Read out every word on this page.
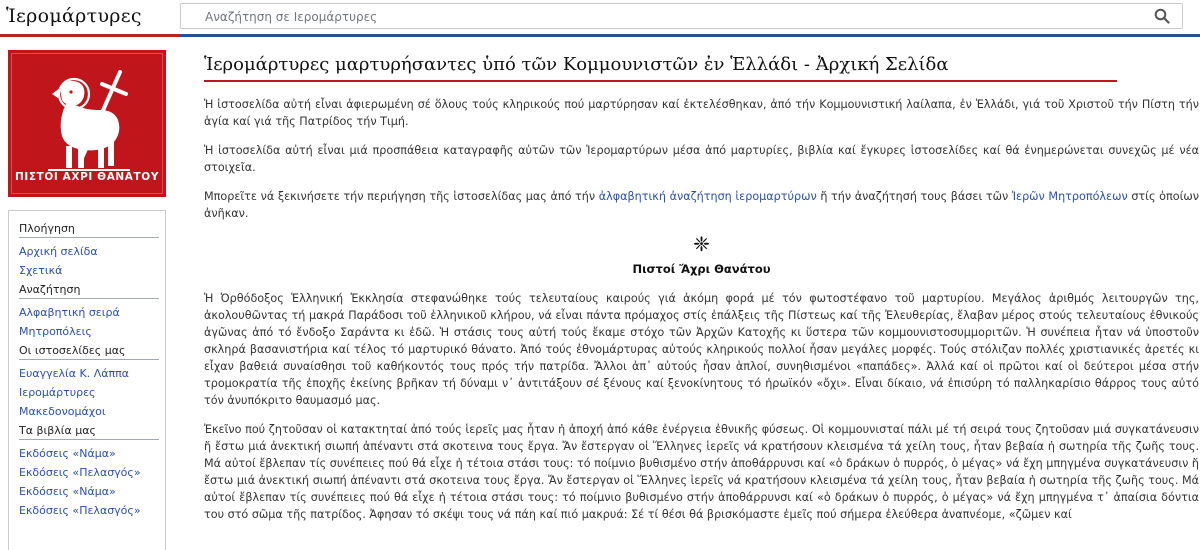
Ἱερομάρτυρες
Αναζήτηση σε Ιερομάρτυρες
ΠΙΣΤΟΙ ΑΧΡΙ ΘΑΝΑΤΟΥ
Πλοήγηση
Αρχική σελίδα
Σχετικά
Αναζήτηση
Αλφαβητική σειρά
Μητροπόλεις
Οι ιστοσελίδες μας
Ευαγγελία Κ. Λάππα
Ιερομάρτυρες
Μακεδονομάχοι
Τα βιβλία μας
Εκδόσεις «Νάμα»
Εκδόσεις «Πελασγός»
Εκδόσεις «Νάμα»
Εκδόσεις «Πελασγός»
Ἱερομάρτυρες μαρτυρήσαντες ὑπό τῶν Κομμουνιστῶν ἐν Ἑλλάδι - Ἀρχική Σελίδα

Ἡ ἱστοσελίδα αὐτή εἶναι ἀφιερωμένη σέ ὅλους τούς κληρικούς πού μαρτύρησαν καί ἐκτελέσθηκαν, ἀπό τήν Κομμουνιστική λαίλαπα, ἐν Ἑλλάδι, γιά τοῦ Χριστοῦ τήν Πίστη τήν ἁγία καί γιά τῆς Πατρίδος τήν Τιμή.

Ἡ ἱστοσελίδα αὐτή εἶναι μιά προσπάθεια καταγραφῆς αὐτῶν τῶν Ἱερομαρτύρων μέσα ἀπό μαρτυρίες, βιβλία καί ἔγκυρες ἱστοσελίδες καί θά ἐνημερώνεται συνεχῶς μέ νέα στοιχεῖα.

Μπορεῖτε νά ξεκινήσετε τήν περιήγηση τῆς ἱστοσελίδας μας ἀπό τήν ἀλφαβητική ἀναζήτηση ἱερομαρτύρων ἤ τήν ἀναζήτησή τους βάσει τῶν Ἱερῶν Μητροπόλεων στίς ὁποίων ἀνῆκαν.

❈
Πιστοί Ἄχρι Θανάτου

Ἡ Ὀρθόδοξος Ἑλληνική Ἐκκλησία στεφανώθηκε τούς τελευταίους καιρούς γιά ἀκόμη φορά μέ τόν φωτοστέφανο τοῦ μαρτυρίου. Μεγάλος ἀριθμός λειτουργῶν της, ἀκολουθῶντας τή μακρά Παράδοσι τοῦ ἑλληνικοῦ κλήρου, νά εἶναι πάντα πρόμαχος στίς ἐπάλξεις τῆς Πίστεως καί τῆς Ἐλευθερίας, ἔλαβαν μέρος στούς τελευταίους ἐθνικούς ἀγῶνας ἀπό τό ἔνδοξο Σαράντα κι ἐδῶ. Ἡ στάσις τους αὐτή τούς ἔκαμε στόχο τῶν Ἀρχῶν Κατοχῆς κι ὕστερα τῶν κομμουνιστοσυμμοριτῶν. Ἡ συνέπεια ἦταν νά ὑποστοῦν σκληρά βασανιστήρια καί τέλος τό μαρτυρικό θάνατο. Ἀπό τούς ἐθνομάρτυρας αὐτούς κληρικούς πολλοί ἦσαν μεγάλες μορφές. Τούς στόλιζαν πολλές χριστιανικές ἀρετές κι εἶχαν βαθειά συναίσθησι τοῦ καθήκοντός τους πρός τήν πατρίδα. Ἄλλοι ἀπ᾽ αὐτούς ἦσαν ἁπλοί, συνηθισμένοι «παπάδες». Ἀλλά καί οἱ πρῶτοι καί οἱ δεύτεροι μέσα στήν τρομοκρατία τῆς ἐποχῆς ἐκείνης βρῆκαν τή δύναμι ν᾽ ἀντιτάξουν σέ ξένους καί ξενοκίνητους τό ἡρωϊκόν «ὄχι». Εἶναι δίκαιο, νά ἐπισύρη τό παλληκαρίσιο θάρρος τους αὐτό τόν ἀνυπόκριτο θαυμασμό μας.

Ἐκεῖνο πού ζητοῦσαν οἱ κατακτηταί ἀπό τούς ἱερεῖς μας ἦταν ἡ ἀποχή ἀπό κάθε ἐνέργεια ἐθνικῆς φύσεως. Οἱ κομμουνισταί πάλι μέ τή σειρά τους ζητοῦσαν μιά συγκατάνευσιν ἤ ἔστω μιά ἀνεκτική σιωπή ἀπέναντι στά σκοτεινα τους ἔργα. Ἄν ἔστεργαν οἱ Ἕλληνες ἱερεῖς νά κρατήσουν κλεισμένα τά χείλη τους, ἦταν βεβαία ἡ σωτηρία τῆς ζωῆς τους. Μά αὐτοί ἔβλεπαν τίς συνέπειες πού θά εἶχε ἡ τέτοια στάσι τους: τό ποίμνιο βυθισμένο στήν ἀποθάρρυνσι καί «ὁ δράκων ὁ πυρρός, ὁ μέγας» νά ἔχη μπηγμένα συγκατάνευσιν ἤ ἔστω μιά ἀνεκτική σιωπή ἀπέναντι στά σκοτεινα τους ἔργα. Ἄν ἔστεργαν οἱ Ἕλληνες ἱερεῖς νά κρατήσουν κλεισμένα τά χείλη τους, ἦταν βεβαία ἡ σωτηρία τῆς ζωῆς τους. Μά αὐτοί ἔβλεπαν τίς συνέπειες πού θά εἶχε ἡ τέτοια στάσι τους: τό ποίμνιο βυθισμένο στήν ἀποθάρρυνσι καί «ὁ δράκων ὁ πυρρός, ὁ μέγας» νά ἔχη μπηγμένα τ᾽ ἀπαίσια δόντια του στό σῶμα τῆς πατρίδος. Ἀφησαν τό σκέψι τους νά πάη καί πιό μακρυά: Σέ τί θέσι θά βρισκόμαστε ἐμεῖς πού σήμερα ἐλεύθερα ἀναπνέομε, «ζῶμεν καί
